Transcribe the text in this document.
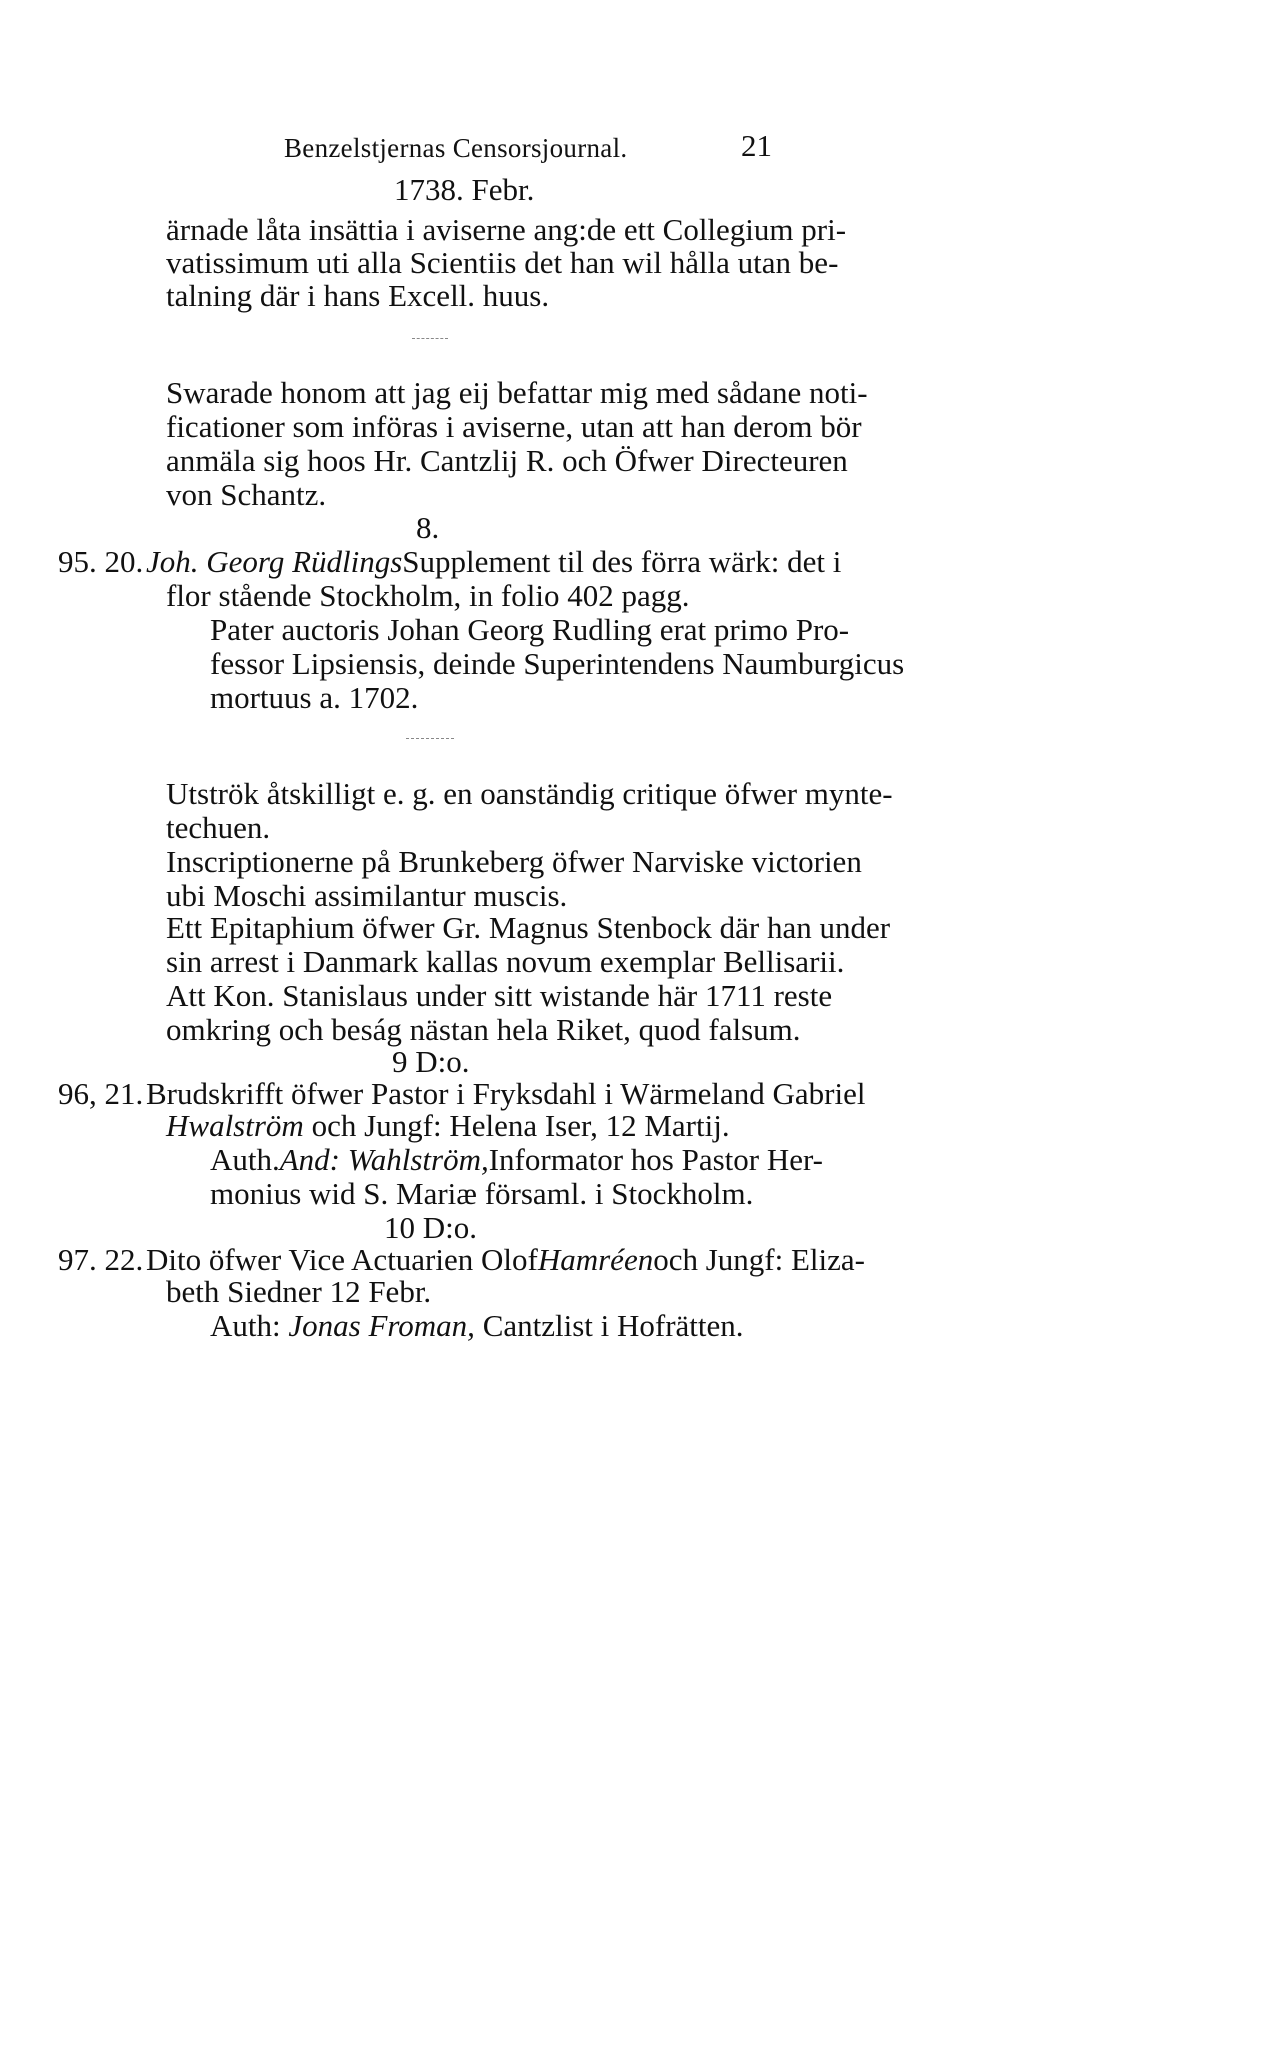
Benzelstjernas Censorsjournal.	21
1738. Febr.
ärnade låta insättia i aviserne ang:de ett Collegium pri-
vatissimum uti alla Scientiis det han wil hålla utan be-
talning där i hans Excell. huus.
Swarade honom att jag eij befattar mig med sådane noti-
ficationer som införas i aviserne, utan att han derom bör
anmäla sig hoos Hr. Cantzlij R. och Öfwer Directeuren
von Schantz.
8.
95. 20. Joh. Georg Rüdlings Supplement til des förra wärk: det i
flor stående Stockholm, in folio 402 pagg.
Pater auctoris Johan Georg Rudling erat primo Pro-
fessor Lipsiensis, deinde Superintendens Naumburgicus
mortuus a. 1702.
Utströk åtskilligt e. g. en oanständig critique öfwer mynte-
techuen.
Inscriptionerne på Brunkeberg öfwer Narviske victorien
ubi Moschi assimilantur muscis.
Ett Epitaphium öfwer Gr. Magnus Stenbock där han under
sin arrest i Danmark kallas novum exemplar Bellisarii.
Att Kon. Stanislaus under sitt wistande här 1711 reste
omkring och beság nästan hela Riket, quod falsum.
9 D:o.
96, 21. Brudskrifft öfwer Pastor i Fryksdahl i Wärmeland Gabriel
Hwalström och Jungf: Helena Iser, 12 Martij.
Auth. And: Wahlström, Informator hos Pastor Her-
monius wid S. Mariæ församl. i Stockholm.
10 D:o.
97. 22. Dito öfwer Vice Actuarien Olof Hamréen och Jungf: Eliza-
beth Siedner 12 Febr.
Auth: Jonas Froman, Cantzlist i Hofrätten.
